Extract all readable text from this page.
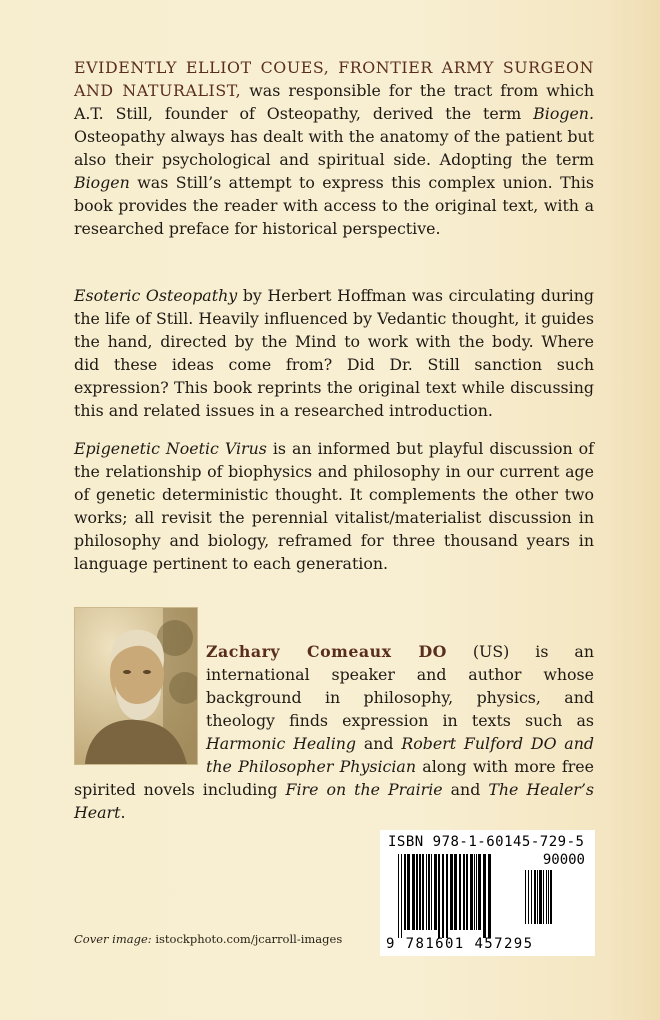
EVIDENTLY ELLIOT COUES, FRONTIER ARMY SURGEON AND NATURALIST, was responsible for the tract from which A.T. Still, founder of Osteopathy, derived the term Biogen. Osteopathy always has dealt with the anatomy of the patient but also their psychological and spiritual side. Adopting the term Biogen was Still’s attempt to express this complex union. This book provides the reader with access to the original text, with a researched preface for historical perspective.

Esoteric Osteopathy by Herbert Hoffman was circulating during the life of Still. Heavily influenced by Vedantic thought, it guides the hand, directed by the Mind to work with the body. Where did these ideas come from? Did Dr. Still sanction such expression? This book reprints the original text while discussing this and related issues in a researched introduction.

Epigenetic Noetic Virus is an informed but playful discussion of the relationship of biophysics and philosophy in our current age of genetic deterministic thought. It complements the other two works; all revisit the perennial vitalist/materialist discussion in philosophy and biology, reframed for three thousand years in language pertinent to each generation.

Zachary Comeaux DO (US) is an international speaker and author whose background in philosophy, physics, and theology finds expression in texts such as Harmonic Healing and Robert Fulford DO and the Philosopher Physician along with more free spirited novels including Fire on the Prairie and The Healer’s Heart.

ISBN 978-1-60145-729-5
90000
9 781601 457295
Cover image: istockphoto.com/jcarroll-images
